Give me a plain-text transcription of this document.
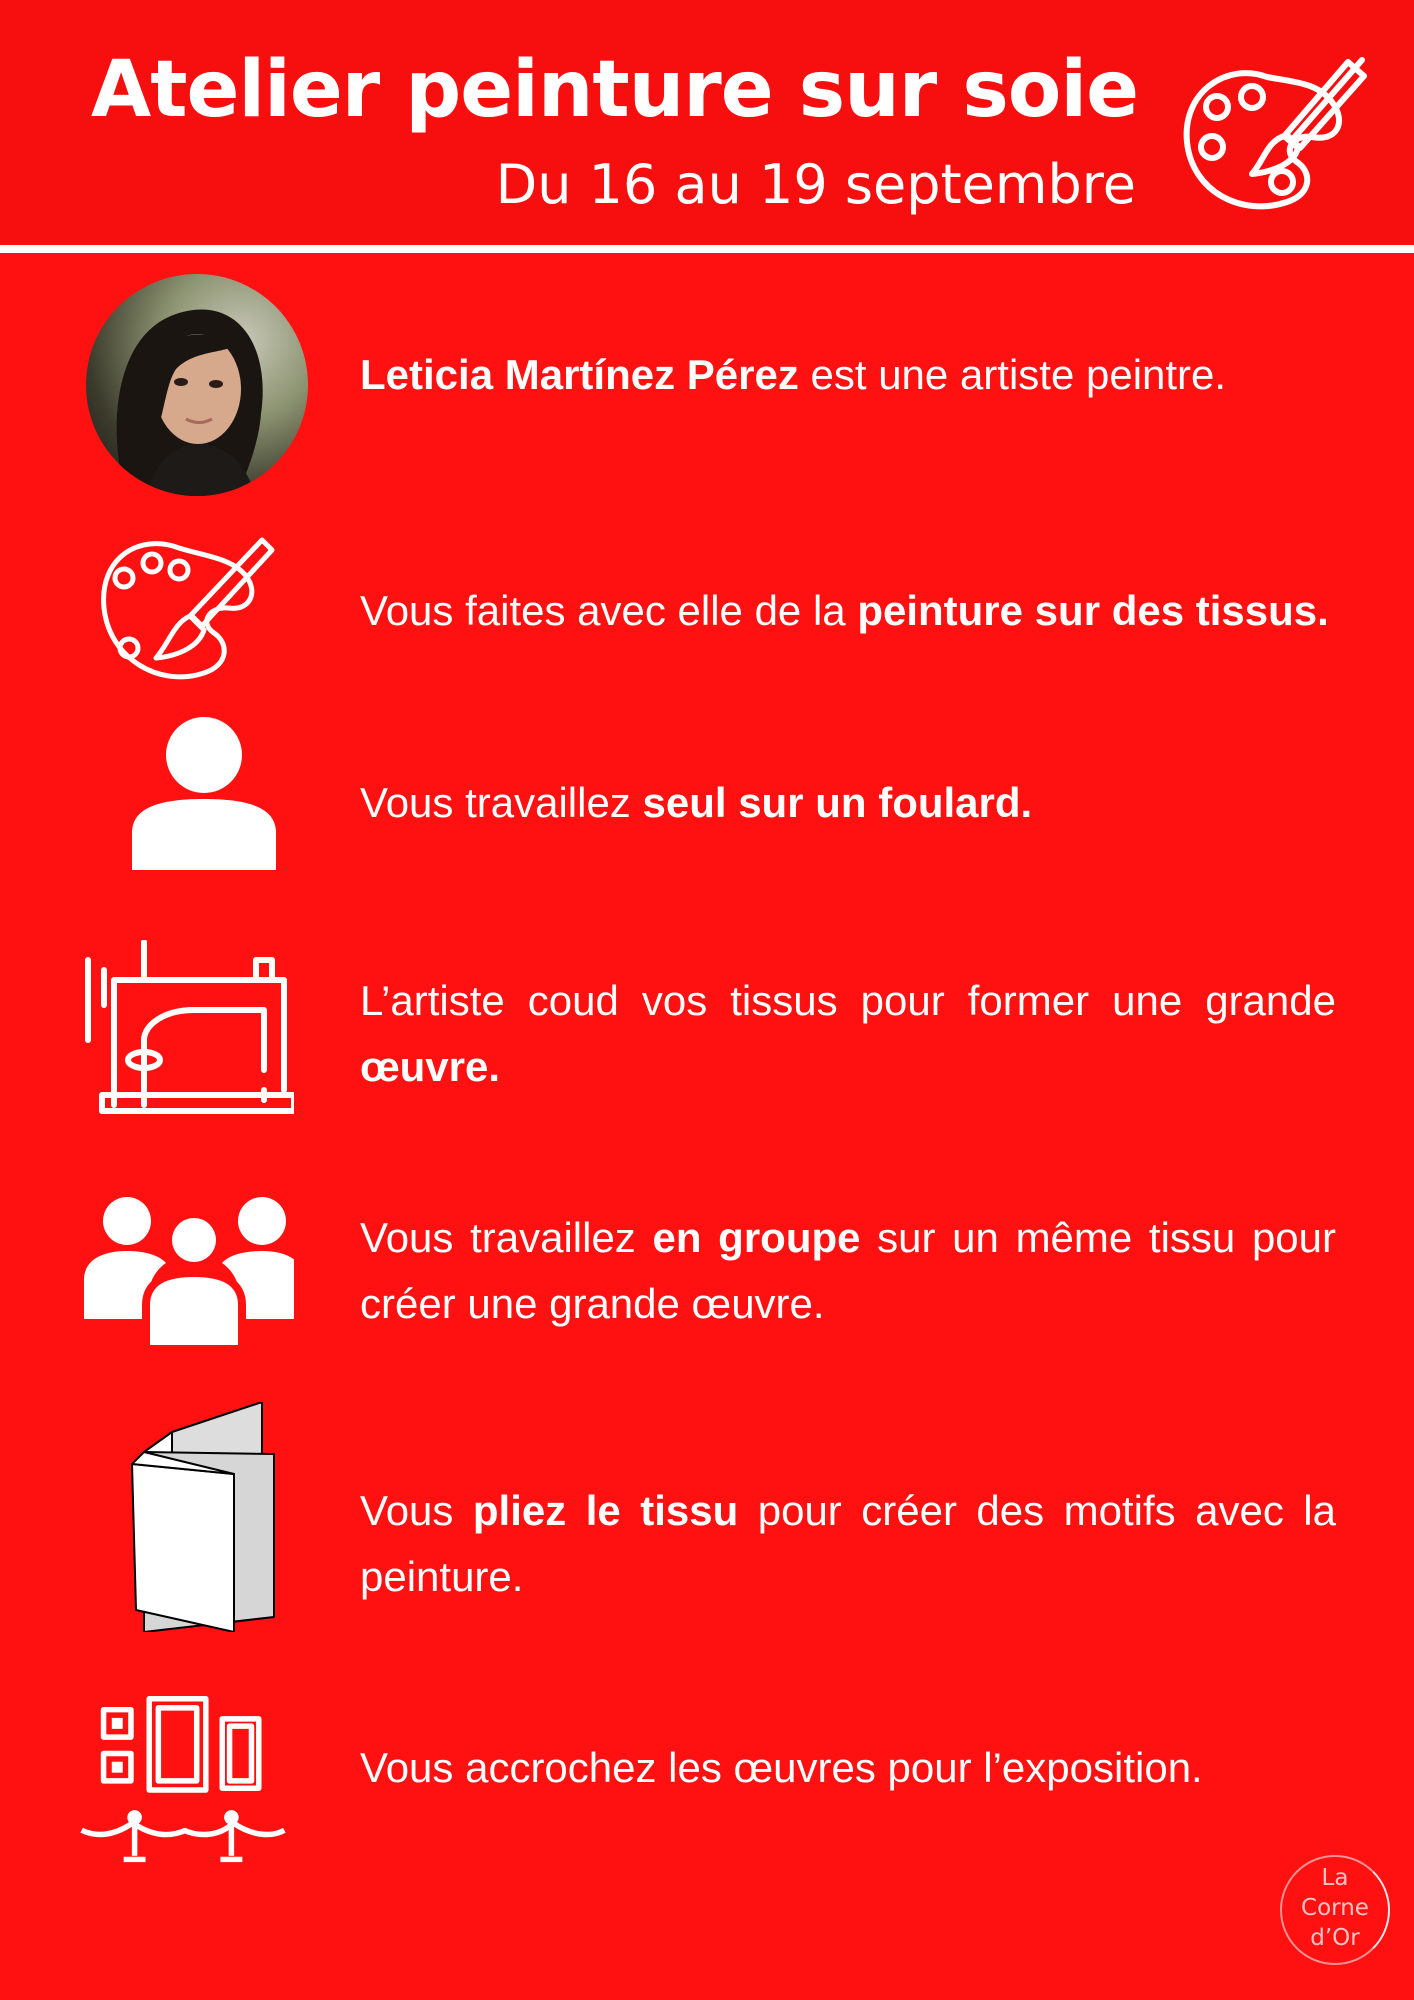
Atelier peinture sur soie
Du 16 au 19 septembre
Leticia Martínez Pérez est une artiste peintre.
Vous faites avec elle de la peinture sur des tissus.
Vous travaillez seul sur un foulard.
L’artiste coud vos tissus pour former une grande œuvre.
Vous travaillez en groupe sur un même tissu pour créer une grande œuvre.
Vous pliez le tissu pour créer des motifs avec la peinture.
Vous accrochez les œuvres pour l’exposition.
La
Corne
d’Or
